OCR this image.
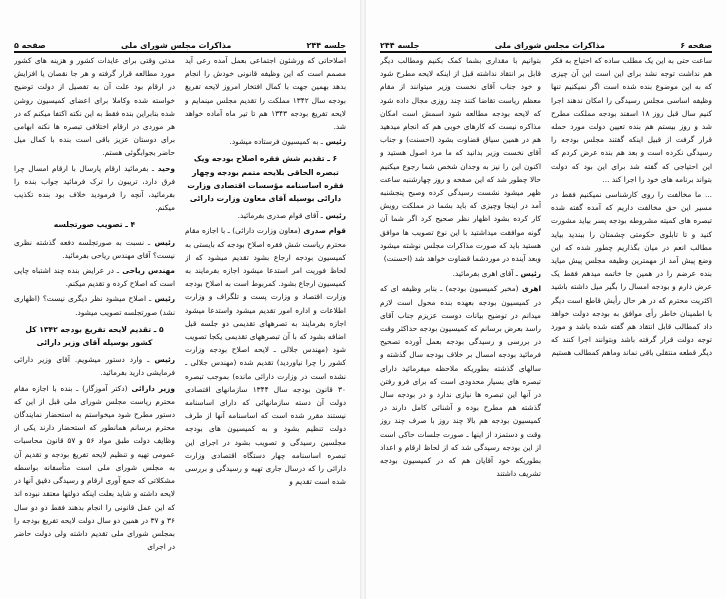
جلسه ۲۴۴
مذاکرات مجلس شورای ملی
صفحه ۵

اصلاحاتی که ورشئون اجتماعی بعمل آمده رعی آید مصمم است که این وظیفه قانونی خودش را انجام بدهد بهمین جهت با کمال افتخار امروز لایحه تفریغ بودجه سال ۱۳۴۲ مملکت را تقدیم مجلس مینمایم و لایحه تفریغ بودجه ۱۳۴۳ هم تا تیر ماه آماده خواهد شد.

رئیس ـ به کمیسیون فرستاده میشود.

۶ ـ تقدیم شش فقره اصلاح بودجه ویک تبصره الحاقی بلایحه متمم بودجه وچهار فقره اساسنامه مؤسسات اقتصادی وزارت دارائی بوسیله آقای معاون وزارت دارائی

رئیس ـ آقای قوام صدری بفرمائید.

قوام صدری (معاون وزارت دارائی) ـ با اجازه مقام محترم ریاست شش فقره اصلاح بودجه که بایستی به کمیسیون بودجه ارجاع بشود تقدیم میشود که از لحاظ فوریت امر استدعا میشود اجازه بفرمایند به کمیسیون ارجاع بشود. کمربوط است به اصلاح بودجه وزارت اقتصاد و وزارت پست و تلگراف و وزارت اطلاعات و اداره امور تقدیم میشود واستدعا میشود اجازه بفرمایند به تصرههای تقدیمی دو جلسه قبل اضافه بشود که با آن تبصرههای تقدیمی یکجا تصویب شود (مهندس جلالی ـ لایحه اصلاح بودجه وزارت کشور را چرا نیاوردید) تقدیم شده (مهندس جلالی ـ نشده است در وزارت دارائی مانده) بموجب تبصره ۳۰ قانون بودجه سال ۱۳۴۴ سازمانهای اقتصادی دولت آن دسته سازمانهائی که دارای اساسنامه نیستند مقرر شده است که اساسنامه آنها از طرف دولت تنظیم بشود و به کمیسیون های بودجه مجلسین رسیدگی و تصویب بشود در اجرای این تبصره اساسنامه چهار دستگاه اقتصادی وزارت دارائی را که درسال جاری تهیه و رسیدگی و بررسی شده است تقدیم و

مدتی وقتی برای عایدات کشور و هزینه های کشور مورد مطالعه قرار گرفته و هر جا نقصان یا افزایش در ارقام بود علت آن به تفصیل از دولت توضیح خواسته شده وکاملا برای اعضای کمیسیون روشن شده بنابراین بنده فقط به این نکته اکتفا میکنم که در هر موردی در ارقام اختلافی تبصره ها نکته ابهامی برای دوستان عزیز باقی است بنده با کمال میل حاضر بجوابگوئی هستم.

وحید ـ بفرمائید ارقام پارسال با ارقام امسال چرا فرق دارد، تریبون را ترک فرمائید جواب بنده را بفرمائید، آنچه را فرمودید خلاف بود بنده تکذیب میکنم.

۴ ـ تصویب صورتجلسه

رئیس ـ نسبت به صورتجلسه دفعه گذشته نظری نیست؟ آقای مهندس ریاحی بفرمائید.

مهندس ریاحی ـ در عرایض بنده چند اشتباه چاپی است که اصلاح کرده و تقدیم میکنم.

رئیس ـ اصلاح میشود نظر دیگری نیست؟ (اظهاری نشد) صورتجلسه تصویب میشود.

۵ ـ تقدیم لایحه تفریغ بودجه ۱۳۴۲ کل کشور بوسیله آقای وزیر دارائی

رئیس ـ وارد دستور میشویم. آقای وزیر دارائی فرمایشی دارید بفرمائید.

وزیر دارائی (دکتر آموزگار) ـ بنده با اجازه مقام محترم ریاست مجلس شورای ملی قبل از این که دستور مطرح شود میخواستم به استحضار نمایندگان محترم برسانم همانطور که استحضار دارند یکی از وظایف دولت طبق مواد ۵۶ و ۵۷ قانون محاسبات عمومی تهیه و تنظیم لایحه تفریغ بودجه و تقدیم آن به مجلس شورای ملی است متأسفانه بواسطه مشکلاتی که جمع آوری ارقام و رسیدگی دقیق آنها در لایحه داشته و شاید بعلت اینکه دولتها معتقد نبوده اند که این عمل قانونی را انجام بدهند فقط دو دو سال ۳۶ و ۳۷ در همین دو سال دولت لایحه تفریغ بودجه را بمجلس شورای ملی تقدیم داشته ولی دولت حاضر در اجرای

صفحه ۶
مذاکرات مجلس شورای ملی
جلسه ۲۴۴

ساعت حتی به این یک مطلب ساده که احتیاج به فکر هم نداشت توجه نشد برای این است این آن چیزی که به این موضوع بنده شده است اگر نمیکنیم تنها وظیفه اساسی مجلس رسیدگی را امکان ندهند اجرا کنیم سال قبل روز ۱۸ اسفند بودجه مملکت مطرح شد و روز بیستم هم بنده تعیین دولت مورد حمله قرار گرفت از قبیل اینکه گفتند مجلس بودجه را رسیدگی نکرده است و بعد هم بنده عرض کردم که این احتیاجی که گفته شد برای این بود که دولت بتواند برنامه های خود را اجرا کند ...

... ما مخالفت را روی کارشناسی نمیکنیم فقط در مسیر این حق مخالفت داریم که آمده گفته شده تبصره های کمیته مشروطه بودجه پسر بیاید مشورت کنید و تا تابلوی حکومتی چشمتان را ببندید بیاید مطالب انعم در میان بگذاریم چطور شده که این وضع پیش آمد از مهمترین وظیفه مجلس پیش میاید بنده عرضم را در همین جا خاتمه میدهم فقط یک عرض دارم و بودجه امسال را بگیر میل داشته باشید اکثریت محترم که در هر حال رأیش قاطع است دیگر با اطمینان خاطر رأی موافق به بودجه دولت خواهد داد کمطالب قابل انتقاد هم گفته شده باشد و مورد توجه دولت قرار گرفته باشد وبتوانند اجرا کنند که دیگر قطعه منتقلی باقی نماند وماهم کمطالب هستیم

بتوانیم با مقداری بشما کمک بکنیم ومطالب دیگر قابل بر انتقاد نداشته قبل از اینکه لایحه مطرح شود و خود جناب آقای نخست وزیر میتوانند از مقام معظم ریاست تقاضا کنند چند روزی مجال داده شود که لایحه بودجه مطالعه شود اسمش است امکان مذاکره نیست که کارهای خوبی هم که انجام میدهید هم در همین سیاق قضاوت بشود (احسنت) و جناب آقای نخست وزیر بدانید که ما مرد اصول هستید و اکنون این را نیز به وجدان شخص شما رجوع میکنیم حالا چطور شد که این صفحه و روز چهارشنبه ساعت ظهر میشود نشست رسیدگی کرده وصبح پنجشنبه آمد در اینجا وچیزی که باید بشما در مملکت رویش کار کرده بشود اظهار نظر صحیح کرد اگر شما آن گونه موافقت میداشتید با این نوع تصویب ها موافق هستید باید که صورت مذاکرات مجلس نوشته میشود وبعد آینده در موردشما قضاوت خواهد شد (احسنت)

رئیس ـ آقای اهری بفرمائید.

اهری (مخبر کمیسیون بودجه) ـ بنابر وظیفه ای که در کمیسیون بودجه بعهده بنده محول است لازم میدانم در توضیح بیانات دوست عزیزم جناب آقای راسد بعرض برسانم که کمیسیون بودجه حداکثر وقت در بررسی و رسیدگی بودجه بعمل آورده تصحیح فرمائید بودجه امسال بر خلاف بودجه سال گذشته و سالهای گذشته بطوریکه ملاحظه میفرمائید دارای تبصره های بسیار محدودی است که برای فرو رفتن در آنها این تبصره ها نیازی ندارد و در بودجه سال گذشته هم مطرح بوده و آشنائی کامل دارند در کمیسیون بودجه هم بالا چند روز با صرف چند روز وقت و دستمزد از اینها ـ صورت جلسات حاکی است از این بودجه رسیدگی شد که از لحاظ ارقام و اعداد بطوریکه خود آقایان هم که در کمیسیون بودجه تشریف داشتند
